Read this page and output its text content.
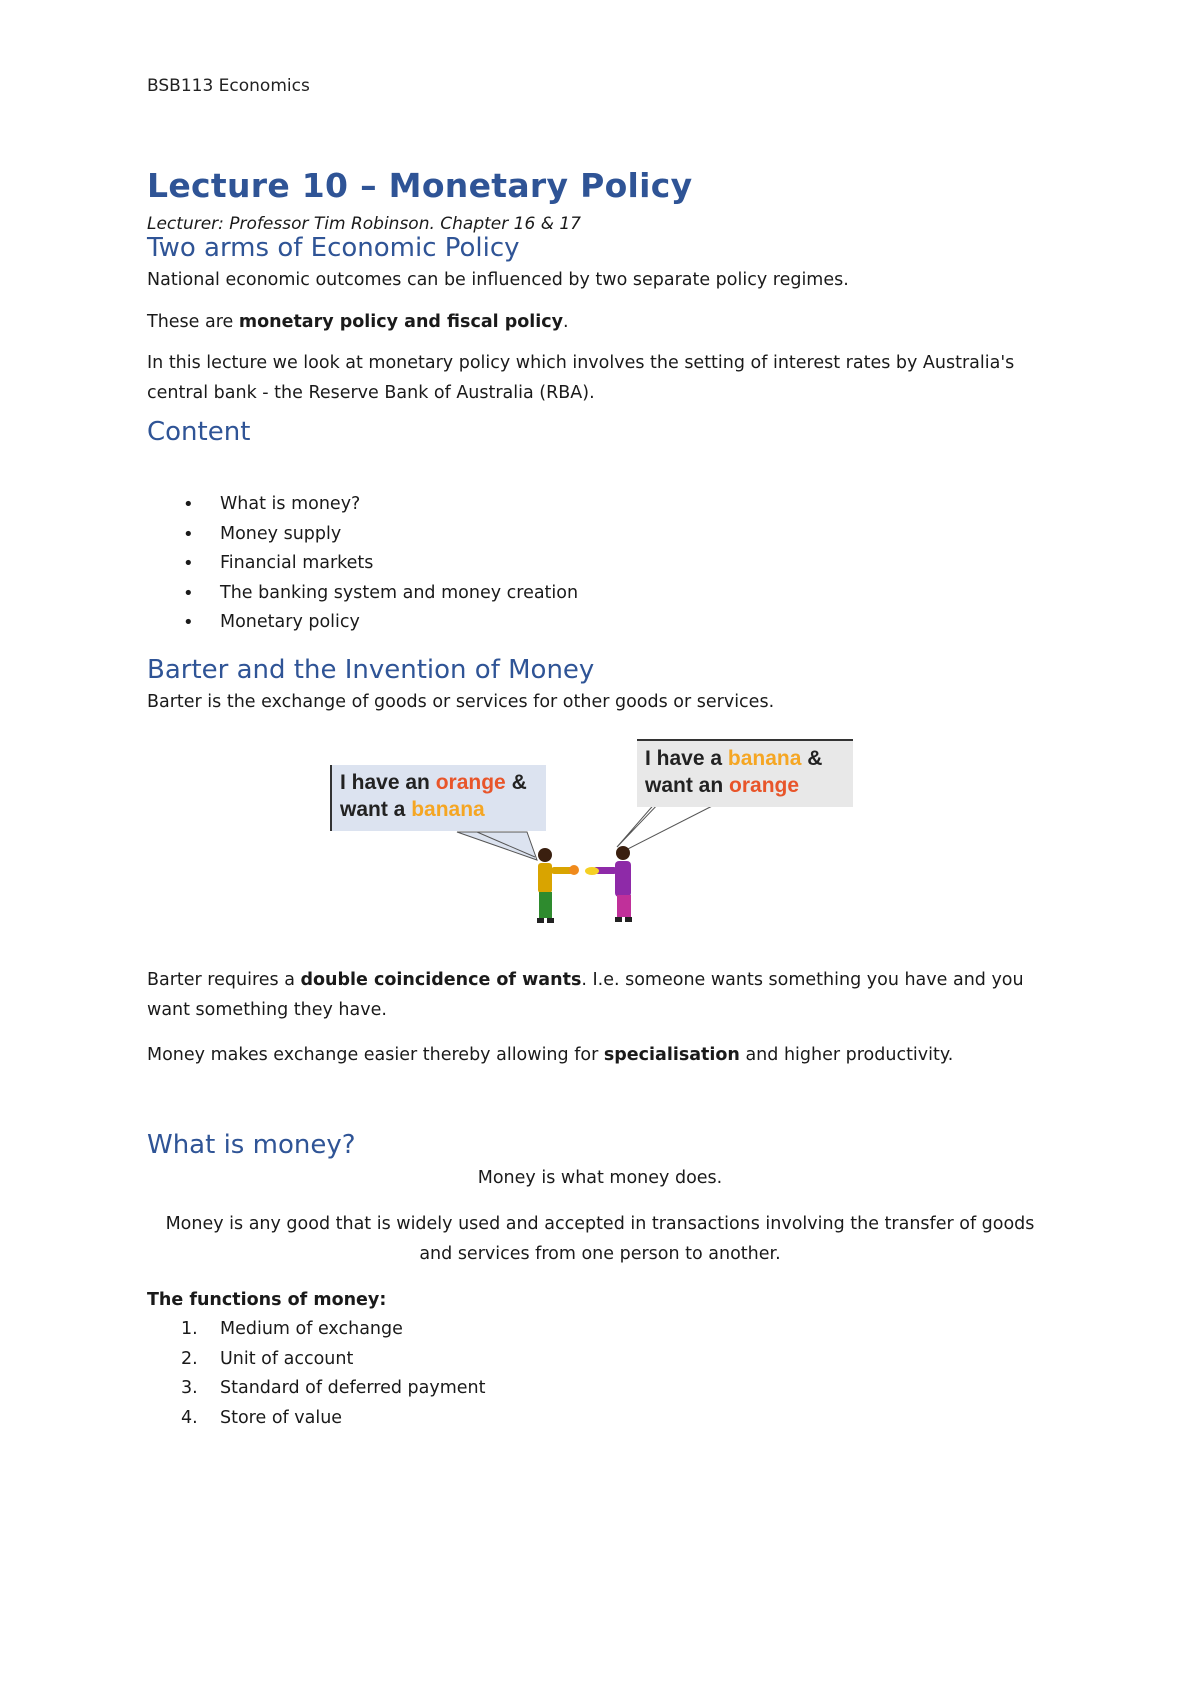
BSB113 Economics
Lecture 10 – Monetary Policy
Lecturer: Professor Tim Robinson. Chapter 16 & 17
Two arms of Economic Policy

National economic outcomes can be influenced by two separate policy regimes.

These are monetary policy and fiscal policy.

In this lecture we look at monetary policy which involves the setting of interest rates by Australia's
central bank - the Reserve Bank of Australia (RBA).

Content
• What is money?
• Money supply
• Financial markets
• The banking system and money creation
• Monetary policy
Barter and the Invention of Money

Barter is the exchange of goods or services for other goods or services.

I have an orange &
want a banana
I have a banana &
want an orange

Barter requires a double coincidence of wants. I.e. someone wants something you have and you
want something they have.

Money makes exchange easier thereby allowing for specialisation and higher productivity.

What is money?

Money is what money does.

Money is any good that is widely used and accepted in transactions involving the transfer of goods
and services from one person to another.

The functions of money:
1. Medium of exchange
2. Unit of account
3. Standard of deferred payment
4. Store of value
